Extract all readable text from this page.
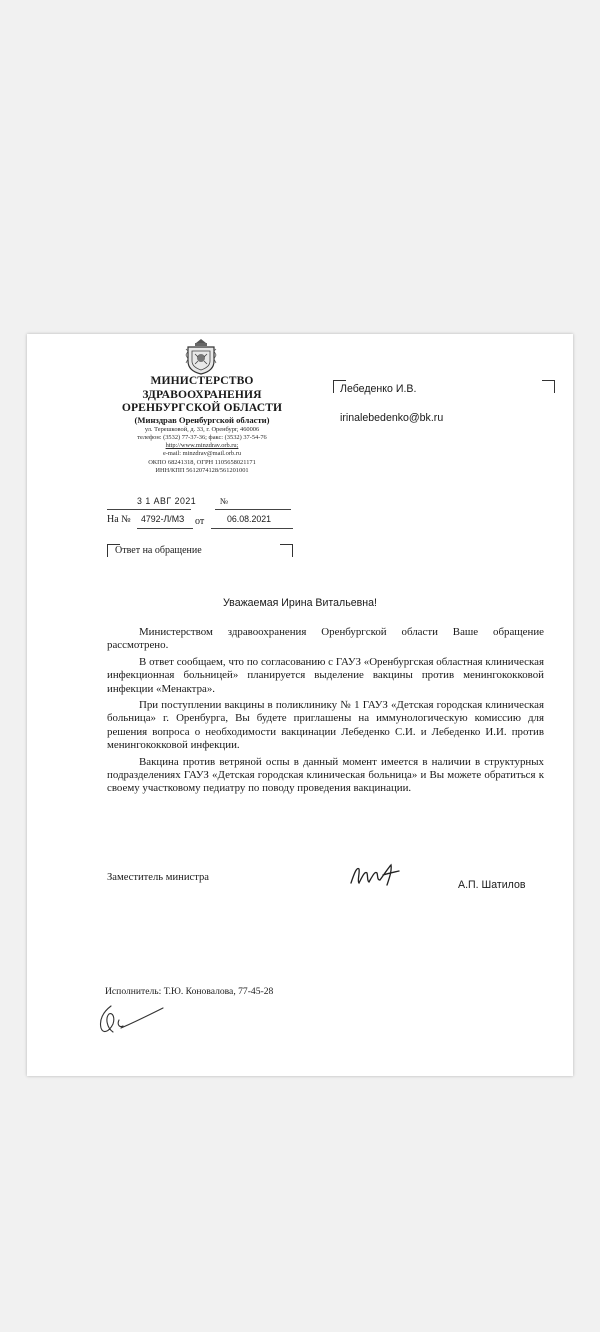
МИНИСТЕРСТВО
ЗДРАВООХРАНЕНИЯ
ОРЕНБУРГСКОЙ ОБЛАСТИ
(Минздрав Оренбургской области)
ул. Терешковой, д. 33, г. Оренбург, 460006
телефон: (3532) 77-37-36; факс: (3532) 37-54-76
http://www.minzdrav.orb.ru;
e-mail: minzdrav@mail.orb.ru
ОКПО 68241318, ОГРН 1105658021171
ИНН/КПП 5612074128/561201001
3 1 АВГ 2021	№
На № 4792-Л/МЗ от	06.08.2021
Ответ на обращение
Лебеденко И.В.
irinalebedenko@bk.ru
Уважаемая Ирина Витальевна!

Министерством здравоохранения Оренбургской области Ваше обращение рассмотрено.

В ответ сообщаем, что по согласованию с ГАУЗ «Оренбургская областная клиническая инфекционная больницей» планируется выделение вакцины против менингококковой инфекции «Менактра».

При поступлении вакцины в поликлинику № 1 ГАУЗ «Детская городская клиническая больница» г. Оренбурга, Вы будете приглашены на иммунологическую комиссию для решения вопроса о необходимости вакцинации Лебеденко С.И. и Лебеденко И.И. против менингококковой инфекции.

Вакцина против ветряной оспы в данный момент имеется в наличии в структурных подразделениях ГАУЗ «Детская городская клиническая больница» и Вы можете обратиться к своему участковому педиатру по поводу проведения вакцинации.

Заместитель министра
А.П. Шатилов
Исполнитель: Т.Ю. Коновалова, 77-45-28
